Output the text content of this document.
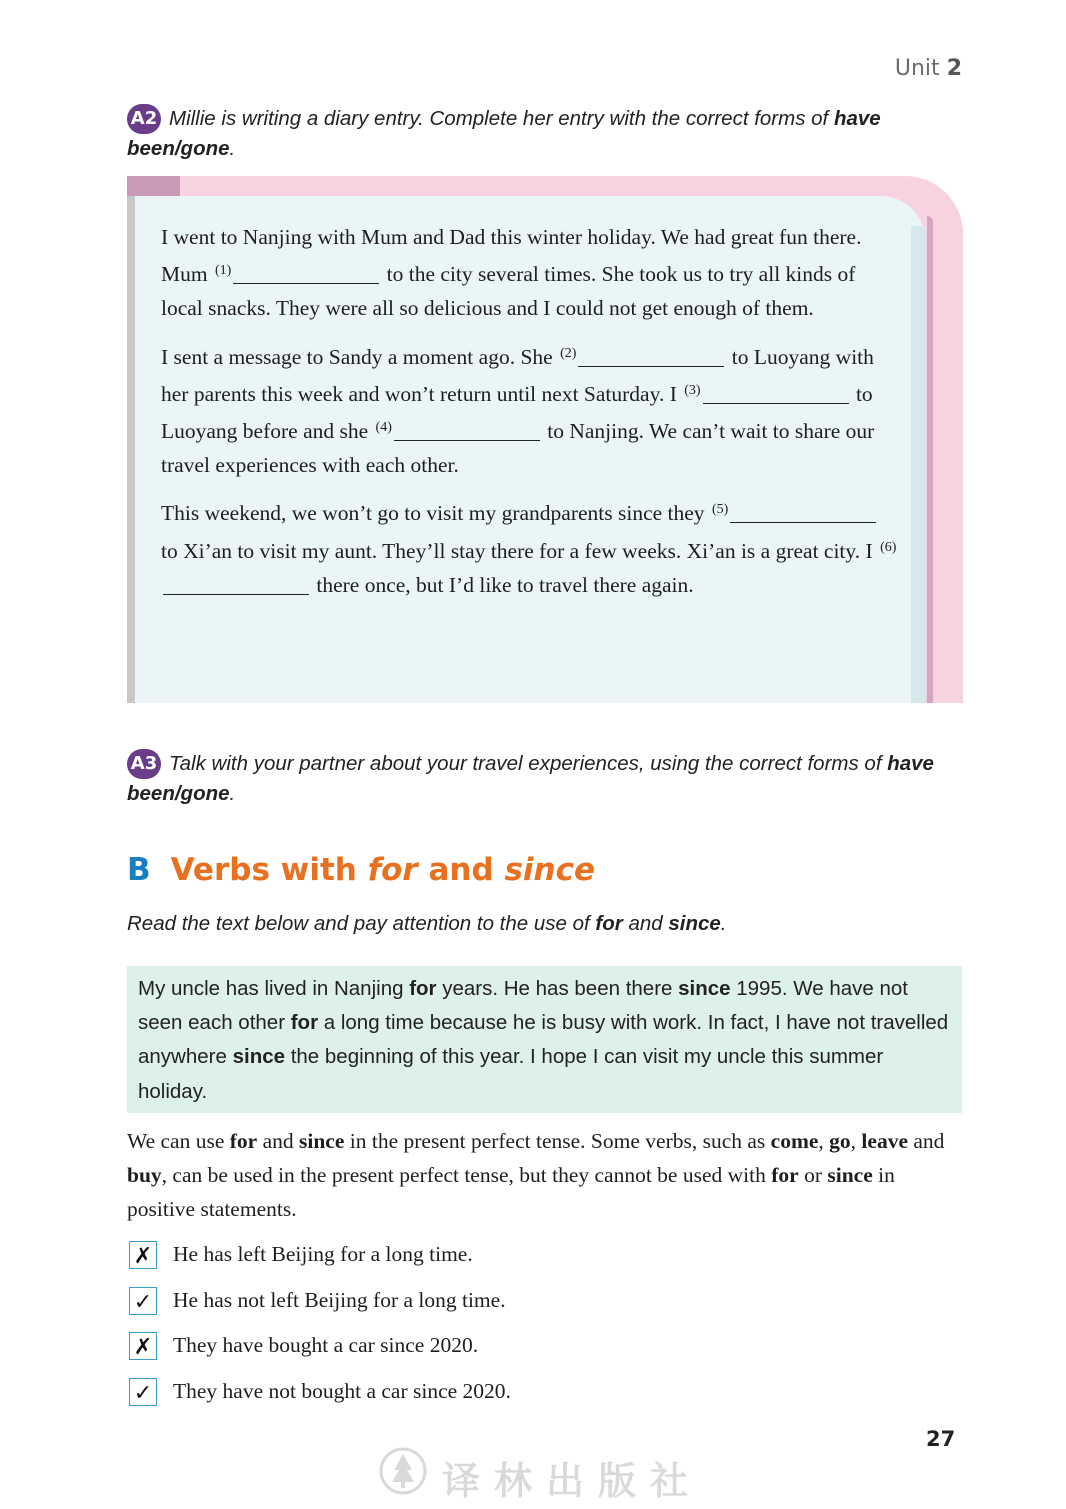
Unit 2
A2 Millie is writing a diary entry. Complete her entry with the correct forms of have been/gone.

I went to Nanjing with Mum and Dad this winter holiday. We had great fun there. Mum $^{(1)}$	to the city several times. She took us to try all kinds of local snacks. They were all so delicious and I could not get enough of them.

I sent a message to Sandy a moment ago. She $^{(2)}$	to Luoyang with her parents this week and won’t return until next Saturday. I $^{(3)}$	to Luoyang before and she $^{(4)}$	to Nanjing. We can’t wait to share our travel experiences with each other.

This weekend, we won’t go to visit my grandparents since they $^{(5)}$ to Xi’an to visit my aunt. They’ll stay there for a few weeks. Xi’an is a great city. I $^{(6)}$ there once, but I’d like to travel there again.

A3 Talk with your partner about your travel experiences, using the correct forms of have been/gone.
B Verbs with for and since
Read the text below and pay attention to the use of for and since.
My uncle has lived in Nanjing for years. He has been there since 1995. We have not seen each other for a long time because he is busy with work. In fact, I have not travelled anywhere since the beginning of this year. I hope I can visit my uncle this summer holiday.
We can use for and since in the present perfect tense. Some verbs, such as come, go, leave and buy, can be used in the present perfect tense, but they cannot be used with for or since in positive statements.
✗ He has left Beijing for a long time.
✓ He has not left Beijing for a long time.
✗ They have bought a car since 2020.
✓ They have not bought a car since 2020.
27
译林出版社
